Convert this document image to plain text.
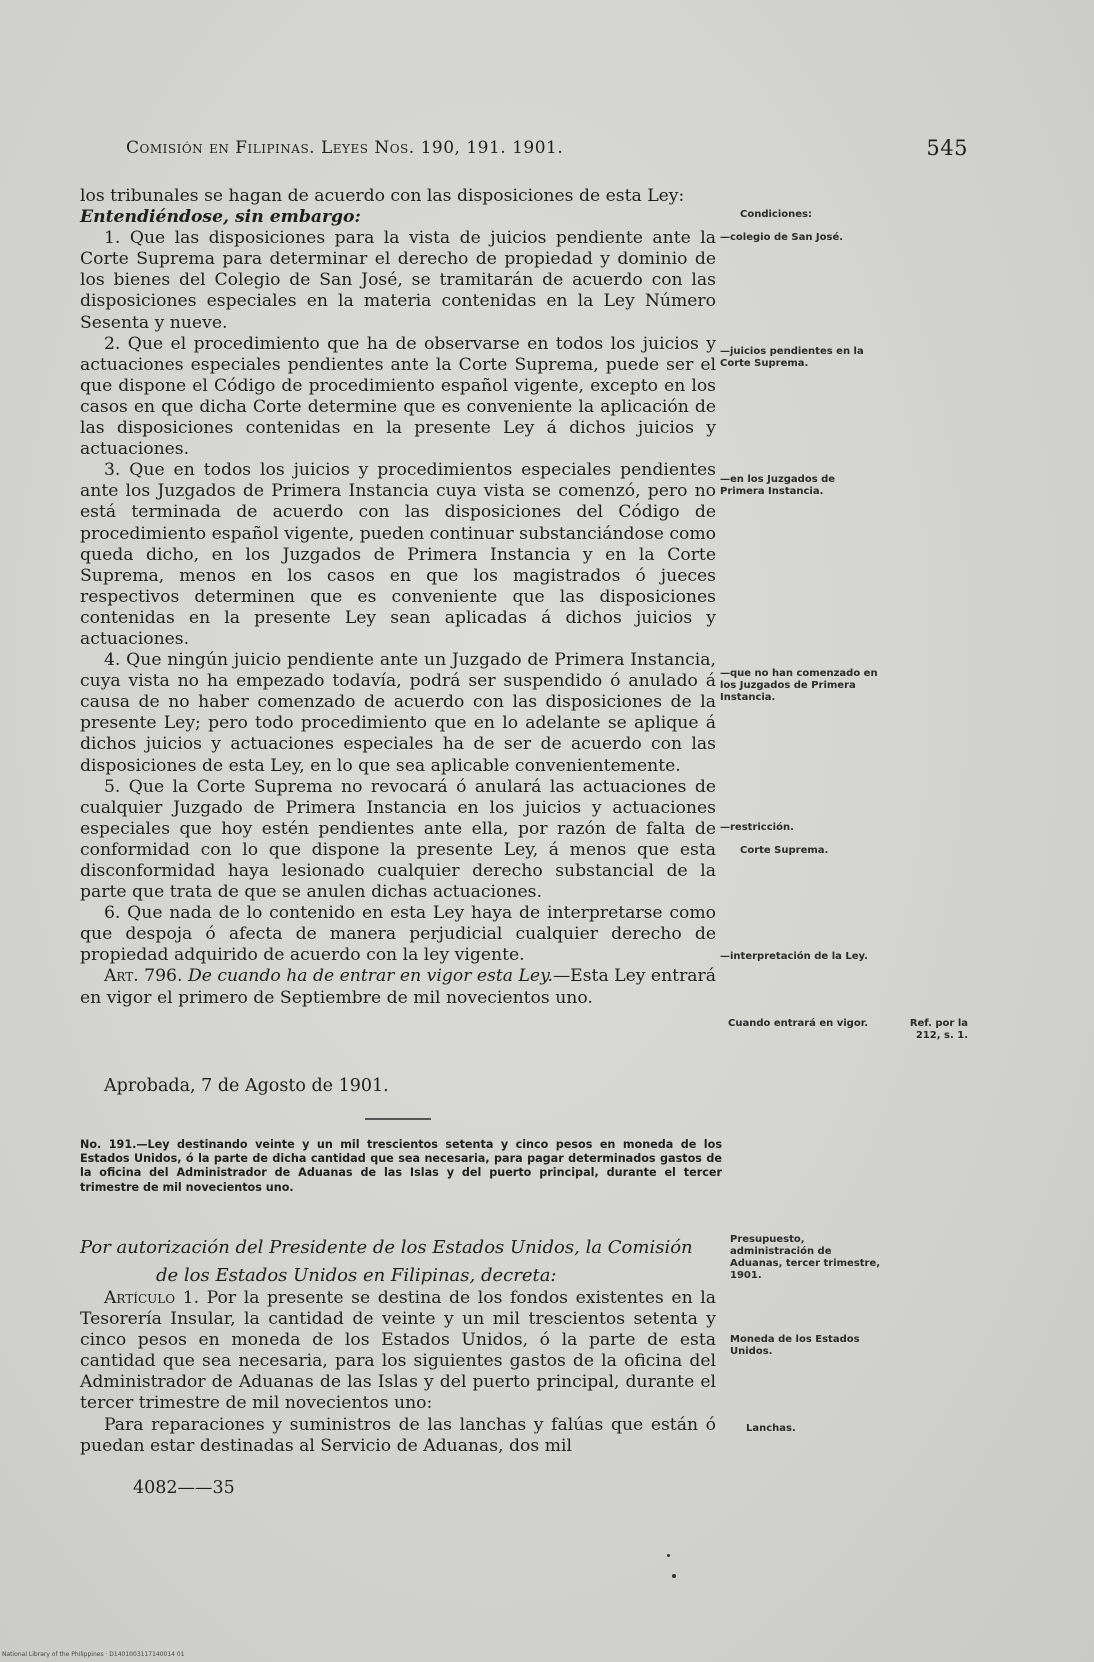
Comisión en Filipinas. Leyes Nos. 190, 191. 1901.	545

los tribunales se hagan de acuerdo con las disposiciones de esta Ley:

Entendiéndose, sin embargo:

1. Que las disposiciones para la vista de juicios pendiente ante la Corte Suprema para determinar el derecho de propiedad y dominio de los bienes del Colegio de San José, se tramitarán de acuerdo con las disposiciones especiales en la materia contenidas en la Ley Número Sesenta y nueve.

2. Que el procedimiento que ha de observarse en todos los juicios y actuaciones especiales pendientes ante la Corte Suprema, puede ser el que dispone el Código de procedimiento español vigente, excepto en los casos en que dicha Corte determine que es conveniente la aplicación de las disposiciones contenidas en la presente Ley á dichos juicios y actuaciones.

3. Que en todos los juicios y procedimientos especiales pendientes ante los Juzgados de Primera Instancia cuya vista se comenzó, pero no está terminada de acuerdo con las disposiciones del Código de procedimiento español vigente, pueden continuar substanciándose como queda dicho, en los Juzgados de Primera Instancia y en la Corte Suprema, menos en los casos en que los magistrados ó jueces respectivos determinen que es conveniente que las disposiciones contenidas en la presente Ley sean aplicadas á dichos juicios y actuaciones.

4. Que ningún juicio pendiente ante un Juzgado de Primera Instancia, cuya vista no ha empezado todavía, podrá ser suspendido ó anulado á causa de no haber comenzado de acuerdo con las disposiciones de la presente Ley; pero todo procedimiento que en lo adelante se aplique á dichos juicios y actuaciones especiales ha de ser de acuerdo con las disposiciones de esta Ley, en lo que sea aplicable convenientemente.

5. Que la Corte Suprema no revocará ó anulará las actuaciones de cualquier Juzgado de Primera Instancia en los juicios y actuaciones especiales que hoy estén pendientes ante ella, por razón de falta de conformidad con lo que dispone la presente Ley, á menos que esta disconformidad haya lesionado cualquier derecho substancial de la parte que trata de que se anulen dichas actuaciones.

6. Que nada de lo contenido en esta Ley haya de interpretarse como que despoja ó afecta de manera perjudicial cualquier derecho de propiedad adquirido de acuerdo con la ley vigente.

Art. 796. De cuando ha de entrar en vigor esta Ley.—Esta Ley entrará en vigor el primero de Septiembre de mil novecientos uno.

Condiciones:
—colegio de San José.
—juicios pendientes en la Corte Suprema.
—en los Juzgados de Primera Instancia.
—que no han comenzado en los Juzgados de Primera Instancia.
—restricción.
Corte Suprema.
—interpretación de la Ley.
Cuando entrará en vigor.	Ref. por la 212, s. 1.
Presupuesto, administración de Aduanas, tercer trimestre, 1901.
Moneda de los Estados Unidos.
Lanchas.
Aprobada, 7 de Agosto de 1901.
No. 191.—Ley destinando veinte y un mil trescientos setenta y cinco pesos en moneda de los Estados Unidos, ó la parte de dicha cantidad que sea necesaria, para pagar determinados gastos de la oficina del Administrador de Aduanas de las Islas y del puerto principal, durante el tercer trimestre de mil novecientos uno.
Por autorización del Presidente de los Estados Unidos, la Comisión
de los Estados Unidos en Filipinas, decreta:

Artículo 1. Por la presente se destina de los fondos existentes en la Tesorería Insular, la cantidad de veinte y un mil trescientos setenta y cinco pesos en moneda de los Estados Unidos, ó la parte de esta cantidad que sea necesaria, para los siguientes gastos de la oficina del Administrador de Aduanas de las Islas y del puerto principal, durante el tercer trimestre de mil novecientos uno:

Para reparaciones y suministros de las lanchas y falúas que están ó puedan estar destinadas al Servicio de Aduanas, dos mil

4082——35
National Library of the Philippines · D1401003117140014 01
